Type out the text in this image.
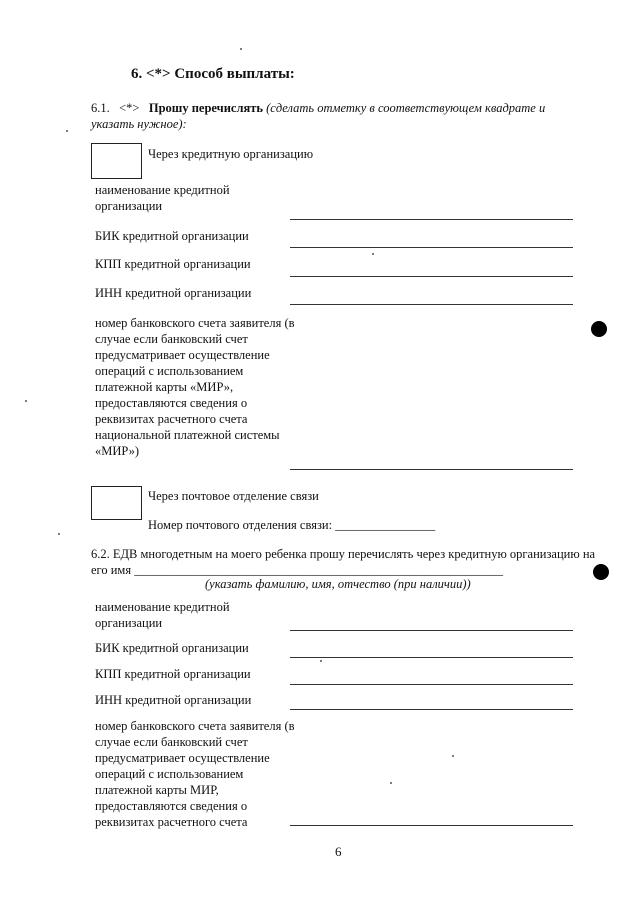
6. <*> Способ выплаты:
6.1. <*> Прошу перечислять (сделать отметку в соответствующем квадрате и указать нужное):
Через кредитную организацию
наименование кредитной организации
БИК кредитной организации
КПП кредитной организации
ИНН кредитной организации
номер банковского счета заявителя (в случае если банковский счет предусматривает осуществление операций с использованием платежной карты «МИР», предоставляются сведения о реквизитах расчетного счета национальной платежной системы «МИР»)
Через почтовое отделение связи
Номер почтового отделения связи: ________________
6.2. ЕДВ многодетным на моего ребенка прошу перечислять через кредитную организацию на его имя ___________________________________________________________
(указать фамилию, имя, отчество (при наличии))
наименование кредитной организации
БИК кредитной организации
КПП кредитной организации
ИНН кредитной организации
номер банковского счета заявителя (в случае если банковский счет предусматривает осуществление операций с использованием платежной карты МИР, предоставляются сведения о реквизитах расчетного счета
6
